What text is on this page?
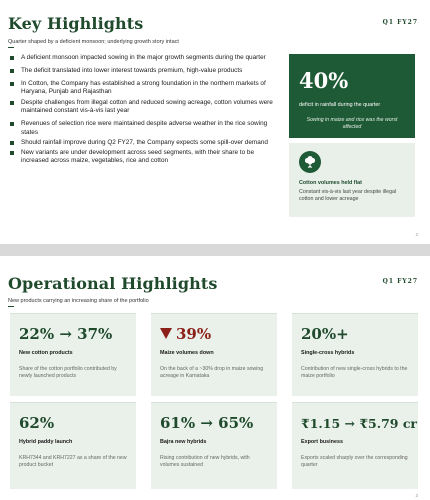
Key Highlights	Q1 FY27
Quarter shaped by a deficient monsoon; underlying growth story intact
A deficient monsoon impacted sowing in the major growth segments during the quarter
The deficit translated into lower interest towards premium, high-value products
In Cotton, the Company has established a strong foundation in the northern markets of Haryana, Punjab and Rajasthan
Despite challenges from illegal cotton and reduced sowing acreage, cotton volumes were maintained constant vis-à-vis last year
Revenues of selection rice were maintained despite adverse weather in the rice sowing states
Should rainfall improve during Q2 FY27, the Company expects some spill-over demand
New variants are under development across seed segments, with their share to be increased across maize, vegetables, rice and cotton
40%
deficit in rainfall during the quarter
Sowing in maize and rice was the worst affected
Cotton volumes held flat
Constant vis-à-vis last year despite illegal cotton and lower acreage
2
Operational Highlights	Q1 FY27
New products carrying an increasing share of the portfolio
22% → 37%
New cotton products
Share of the cotton portfolio contributed by newly launched products
39%
Maize volumes down
On the back of a ~30% drop in maize sowing acreage in Karnataka
20%+
Single-cross hybrids
Contribution of new single-cross hybrids to the maize portfolio
62%
Hybrid paddy launch
KRH7344 and KRH7227 as a share of the new product bucket
61% → 65%
Bajra new hybrids
Rising contribution of new hybrids, with volumes sustained
₹1.15 → ₹5.79 cr
Export business
Exports scaled sharply over the corresponding quarter
3
